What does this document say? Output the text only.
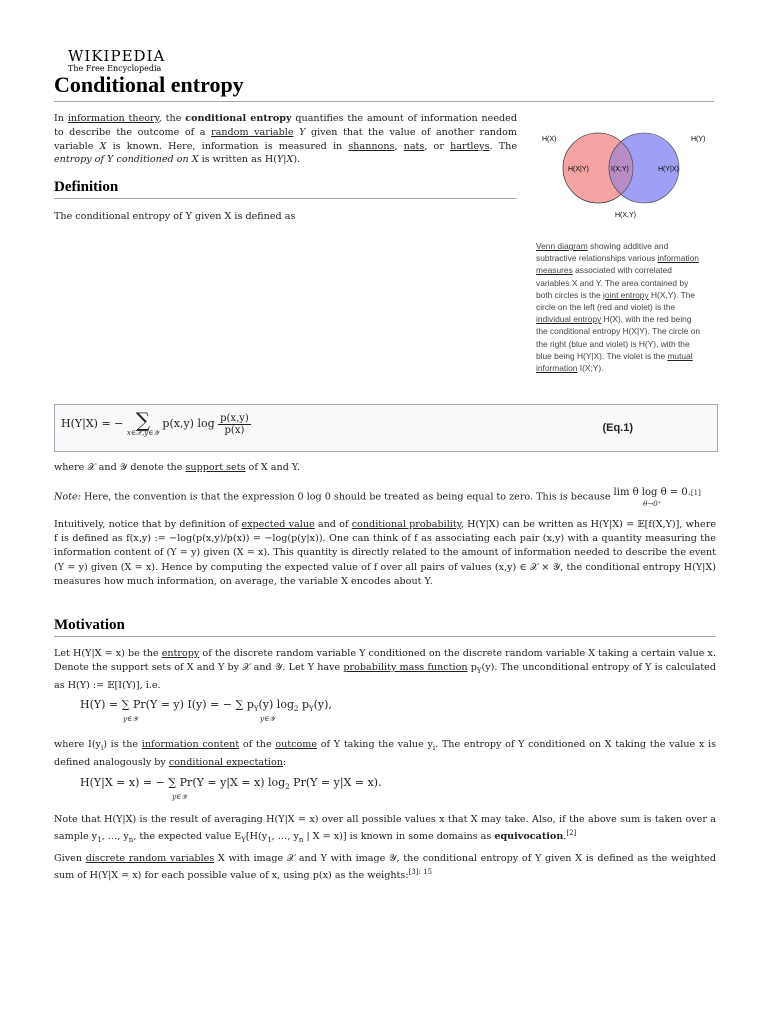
WIKIPEDIA
The Free Encyclopedia
Conditional entropy
In information theory, the conditional entropy quantifies the amount of information needed to describe the outcome of a random variable Y given that the value of another random variable X is known. Here, information is measured in shannons, nats, or hartleys. The entropy of Y conditioned on X is written as H(Y|X).
Definition
The conditional entropy of Y given X is defined as
H(X)	H(Y)
H(X|Y)	I(X;Y)	H(Y|X)
H(X,Y)
Venn diagram showing additive and subtractive relationships various information measures associated with correlated variables X and Y. The area contained by both circles is the joint entropy H(X,Y). The circle on the left (red and violet) is the individual entropy H(X), with the red being the conditional entropy H(X|Y). The circle on the right (blue and violet) is H(Y), with the blue being H(Y|X). The violet is the mutual information I(X;Y).
H(Y|X) = − ∑
x∈𝒳,y∈𝒴
p(x,y) $\log \frac{p(x,y)}{p(x)}$	(Eq.1)
where 𝒳 and 𝒴 denote the support sets of X and Y.
Note: Here, the convention is that the expression 0 log 0 should be treated as being equal to zero. This is because lim θ log θ = 0.
θ→0⁺
[1]
Intuitively, notice that by definition of expected value and of conditional probability, H(Y|X) can be written as H(Y|X) = 𝔼[f(X,Y)], where f is defined as f(x,y) := −log(p(x,y)/p(x)) = −log(p(y|x)). One can think of f as associating each pair (x,y) with a quantity measuring the information content of (Y = y) given (X = x). This quantity is directly related to the amount of information needed to describe the event (Y = y) given (X = x). Hence by computing the expected value of f over all pairs of values (x,y) ∈ 𝒳 × 𝒴, the conditional entropy H(Y|X) measures how much information, on average, the variable X encodes about Y.
Motivation
Let H(Y|X = x) be the entropy of the discrete random variable Y conditioned on the discrete random variable X taking a certain value x. Denote the support sets of X and Y by 𝒳 and 𝒴. Let Y have probability mass function $p_Y(y)$. The unconditional entropy of Y is calculated as H(Y) := 𝔼[I(Y)], i.e.
H(Y) = ∑ Pr(Y = y) I(y) = − ∑ $p_Y(y)$ $\log_2 p_Y(y)$,
y∈𝒴	y∈𝒴
where $I(y_i)$ is the information content of the outcome of Y taking the value $y_i$. The entropy of Y conditioned on X taking the value x is defined analogously by conditional expectation:
H(Y|X = x) = − ∑ Pr(Y = y|X = x) $\log_2 Pr(Y = y|X = x)$.
y∈𝒴
Note that H(Y|X) is the result of averaging H(Y|X = x) over all possible values x that X may take. Also, if the above sum is taken over a sample $y_1$, …, $y_n$, the expected value $E_Y[H(y_1$, …, $y_n$ | X = x)] is known in some domains as equivocation.[2]
Given discrete random variables X with image 𝒳 and Y with image 𝒴, the conditional entropy of Y given X is defined as the weighted sum of H(Y|X = x) for each possible value of x, using p(x) as the weights:$^{[3]: 15}$
